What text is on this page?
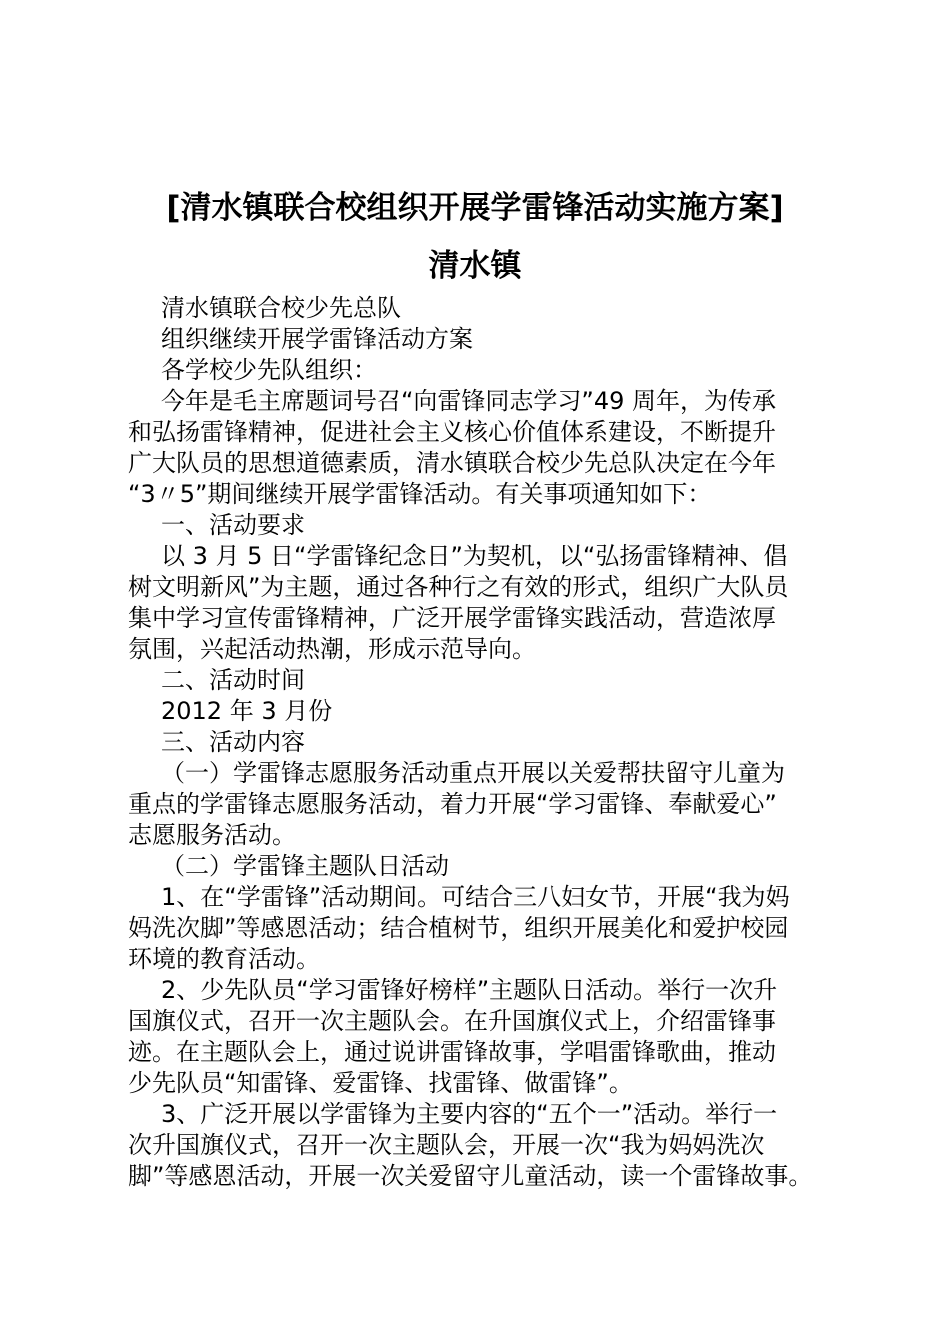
[清水镇联合校组织开展学雷锋活动实施方案]
清水镇

清水镇联合校少先总队

组织继续开展学雷锋活动方案

各学校少先队组织：

今年是毛主席题词号召“向雷锋同志学习”49 周年，为传承

和弘扬雷锋精神，促进社会主义核心价值体系建设，不断提升

广大队员的思想道德素质，清水镇联合校少先总队决定在今年

“3〃5”期间继续开展学雷锋活动。有关事项通知如下：

一、活动要求

以 3 月 5 日“学雷锋纪念日”为契机，以“弘扬雷锋精神、倡

树文明新风”为主题，通过各种行之有效的形式，组织广大队员

集中学习宣传雷锋精神，广泛开展学雷锋实践活动，营造浓厚

氛围，兴起活动热潮，形成示范导向。

二、活动时间

2012 年 3 月份

三、活动内容

（一）学雷锋志愿服务活动重点开展以关爱帮扶留守儿童为

重点的学雷锋志愿服务活动，着力开展“学习雷锋、奉献爱心”

志愿服务活动。

（二）学雷锋主题队日活动

1、在“学雷锋”活动期间。可结合三八妇女节，开展“我为妈

妈洗次脚”等感恩活动；结合植树节，组织开展美化和爱护校园

环境的教育活动。

2、少先队员“学习雷锋好榜样”主题队日活动。举行一次升

国旗仪式，召开一次主题队会。在升国旗仪式上，介绍雷锋事

迹。在主题队会上，通过说讲雷锋故事，学唱雷锋歌曲，推动

少先队员“知雷锋、爱雷锋、找雷锋、做雷锋”。

3、广泛开展以学雷锋为主要内容的“五个一”活动。举行一

次升国旗仪式，召开一次主题队会，开展一次“我为妈妈洗次

脚”等感恩活动，开展一次关爱留守儿童活动，读一个雷锋故事。
